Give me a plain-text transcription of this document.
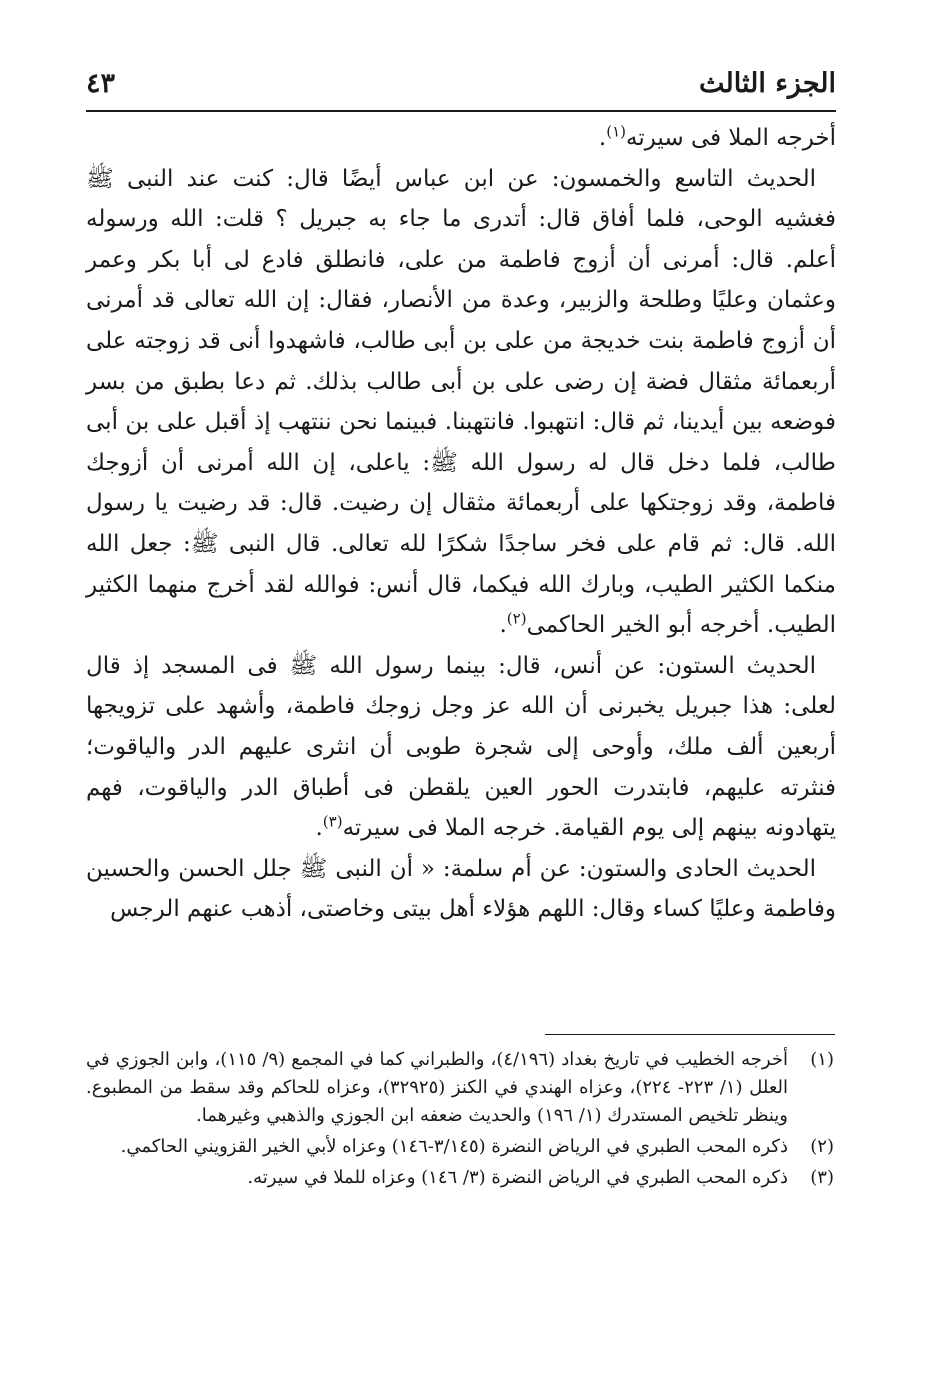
الجزء الثالث
٤٣

أخرجه الملا فى سيرته$^{(١)}$.

الحديث التاسع والخمسون: عن ابن عباس أيضًا قال: كنت عند النبى ﷺ فغشيه الوحى، فلما أفاق قال: أتدرى ما جاء به جبريل ؟ قلت: الله ورسوله أعلم. قال: أمرنى أن أزوج فاطمة من على، فانطلق فادع لى أبا بكر وعمر وعثمان وعليًا وطلحة والزبير، وعدة من الأنصار، فقال: إن الله تعالى قد أمرنى أن أزوج فاطمة بنت خديجة من على بن أبى طالب، فاشهدوا أنى قد زوجته على أربعمائة مثقال فضة إن رضى على بن أبى طالب بذلك. ثم دعا بطبق من بسر فوضعه بين أيدينا، ثم قال: انتهبوا. فانتهبنا. فبينما نحن ننتهب إذ أقبل على بن أبى طالب، فلما دخل قال له رسول الله ﷺ: ياعلى، إن الله أمرنى أن أزوجك فاطمة، وقد زوجتكها على أربعمائة مثقال إن رضيت. قال: قد رضيت يا رسول الله. قال: ثم قام على فخر ساجدًا شكرًا لله تعالى. قال النبى ﷺ: جعل الله منكما الكثير الطيب، وبارك الله فيكما، قال أنس: فوالله لقد أخرج منهما الكثير الطيب. أخرجه أبو الخير الحاكمى$^{(٢)}$.

الحديث الستون: عن أنس، قال: بينما رسول الله ﷺ فى المسجد إذ قال لعلى: هذا جبريل يخبرنى أن الله عز وجل زوجك فاطمة، وأشهد على تزويجها أربعين ألف ملك، وأوحى إلى شجرة طوبى أن انثرى عليهم الدر والياقوت؛ فنثرته عليهم، فابتدرت الحور العين يلقطن فى أطباق الدر والياقوت، فهم يتهادونه بينهم إلى يوم القيامة. خرجه الملا فى سيرته$^{(٣)}$.

الحديث الحادى والستون: عن أم سلمة: « أن النبى ﷺ جلل الحسن والحسين وفاطمة وعليًا كساء وقال: اللهم هؤلاء أهل بيتى وخاصتى، أذهب عنهم الرجس

(١)
أخرجه الخطيب في تاريخ بغداد (٤/١٩٦)، والطبراني كما في المجمع (٩/ ١١٥)، وابن الجوزي في العلل (١/ ٢٢٣- ٢٢٤)، وعزاه الهندي في الكنز (٣٢٩٢٥)، وعزاه للحاكم وقد سقط من المطبوع. وينظر تلخيص المستدرك (١/ ١٩٦) والحديث ضعفه ابن الجوزي والذهبي وغيرهما.
(٢)
ذكره المحب الطبري في الرياض النضرة (٣/١٤٥-١٤٦) وعزاه لأبي الخير القزويني الحاكمي.
(٣)
ذكره المحب الطبري في الرياض النضرة (٣/ ١٤٦) وعزاه للملا في سيرته.
